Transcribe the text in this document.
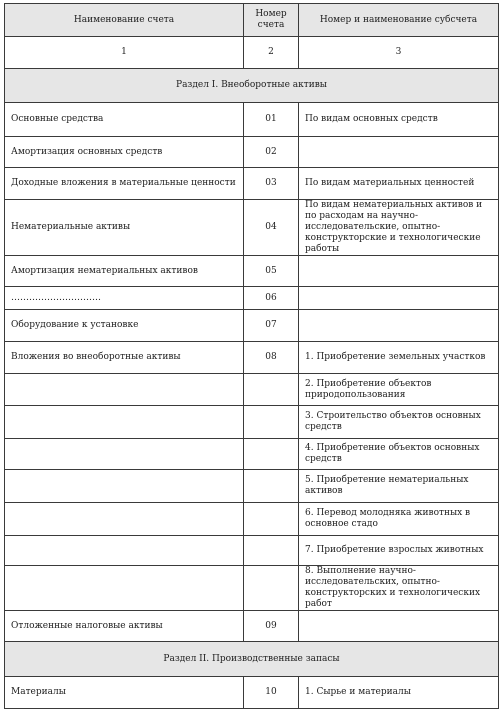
Наименование счета	Номер счета	Номер и наименование субсчета
1	2	3
Раздел I. Внеоборотные активы		
Основные средства	01	По видам основных средств
Амортизация основных средств	02	
Доходные вложения в материальные ценности	03	По видам материальных ценностей
Нематериальные активы	04	По видам нематериальных активов и по расходам на научно-исследовательские, опытно-конструкторские и технологические работы
Амортизация нематериальных активов	05	
…………………………	06	
Оборудование к установке	07	
Вложения во внеоборотные активы	08	1. Приобретение земельных участков
		2. Приобретение объектов природопользования
		3. Строительство объектов основных средств
		4. Приобретение объектов основных средств
		5. Приобретение нематериальных активов
		6. Перевод молодняка животных в основное стадо
		7. Приобретение взрослых животных
		8. Выполнение научно-исследовательских, опытно-конструкторских и технологических работ
Отложенные налоговые активы	09	
Раздел II. Производственные запасы		
Материалы	10	1. Сырье и материалы
